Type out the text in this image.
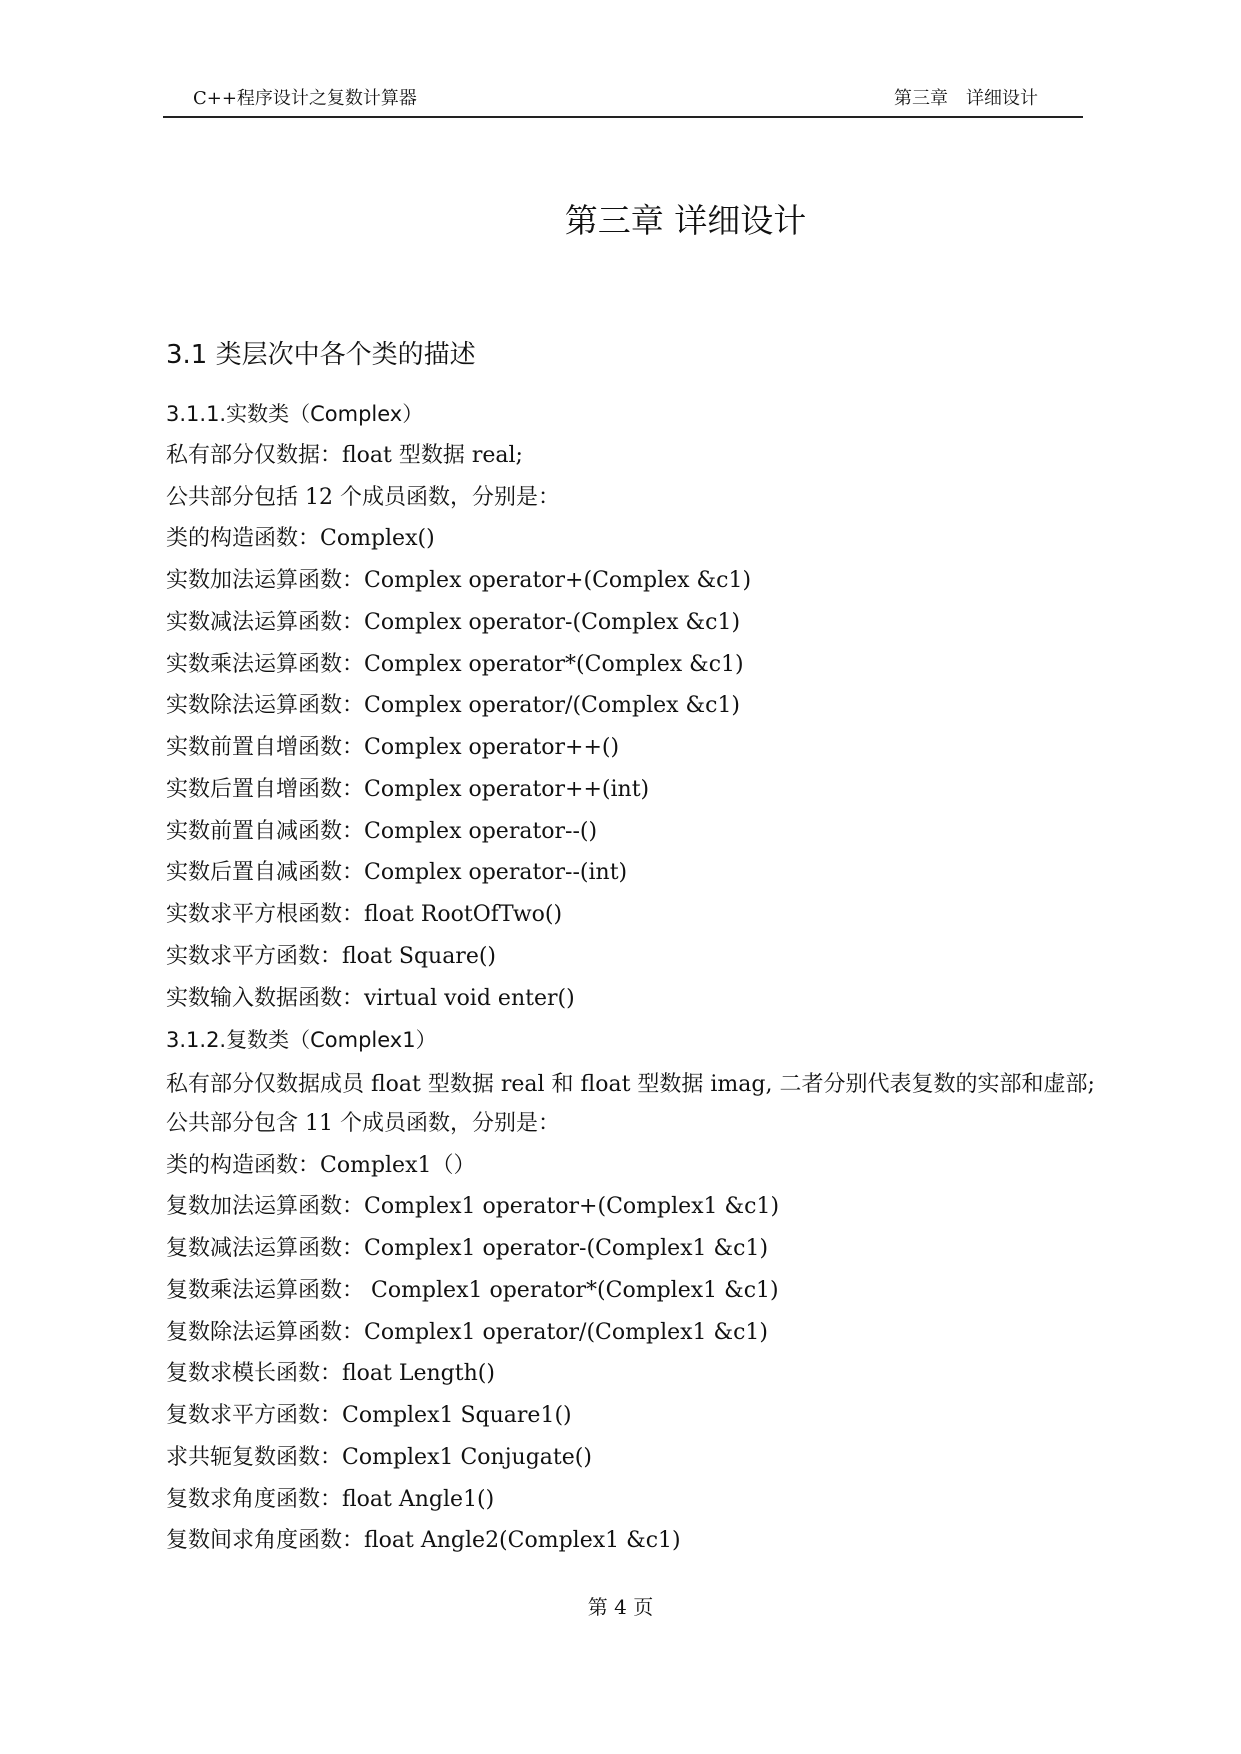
C++程序设计之复数计算器	第三章　详细设计
第三章 详细设计
3.1 类层次中各个类的描述
3.1.1.实数类（Complex）
私有部分仅数据：float 型数据 real;
公共部分包括 12 个成员函数，分别是：
类的构造函数：Complex()
实数加法运算函数：Complex operator+(Complex &c1)
实数减法运算函数：Complex operator-(Complex &c1)
实数乘法运算函数：Complex operator*(Complex &c1)
实数除法运算函数：Complex operator/(Complex &c1)
实数前置自增函数：Complex operator++()
实数后置自增函数：Complex operator++(int)
实数前置自减函数：Complex operator--()
实数后置自减函数：Complex operator--(int)
实数求平方根函数：float RootOfTwo()
实数求平方函数：float Square()
实数输入数据函数：virtual void enter()
3.1.2.复数类（Complex1）
私有部分仅数据成员 float 型数据 real 和 float 型数据 imag, 二者分别代表复数的实部和虚部;
公共部分包含 11 个成员函数，分别是：
类的构造函数：Complex1（）
复数加法运算函数：Complex1 operator+(Complex1 &c1)
复数减法运算函数：Complex1 operator-(Complex1 &c1)
复数乘法运算函数： Complex1 operator*(Complex1 &c1)
复数除法运算函数：Complex1 operator/(Complex1 &c1)
复数求模长函数：float Length()
复数求平方函数：Complex1 Square1()
求共轭复数函数：Complex1 Conjugate()
复数求角度函数：float Angle1()
复数间求角度函数：float Angle2(Complex1 &c1)
第 4 页
